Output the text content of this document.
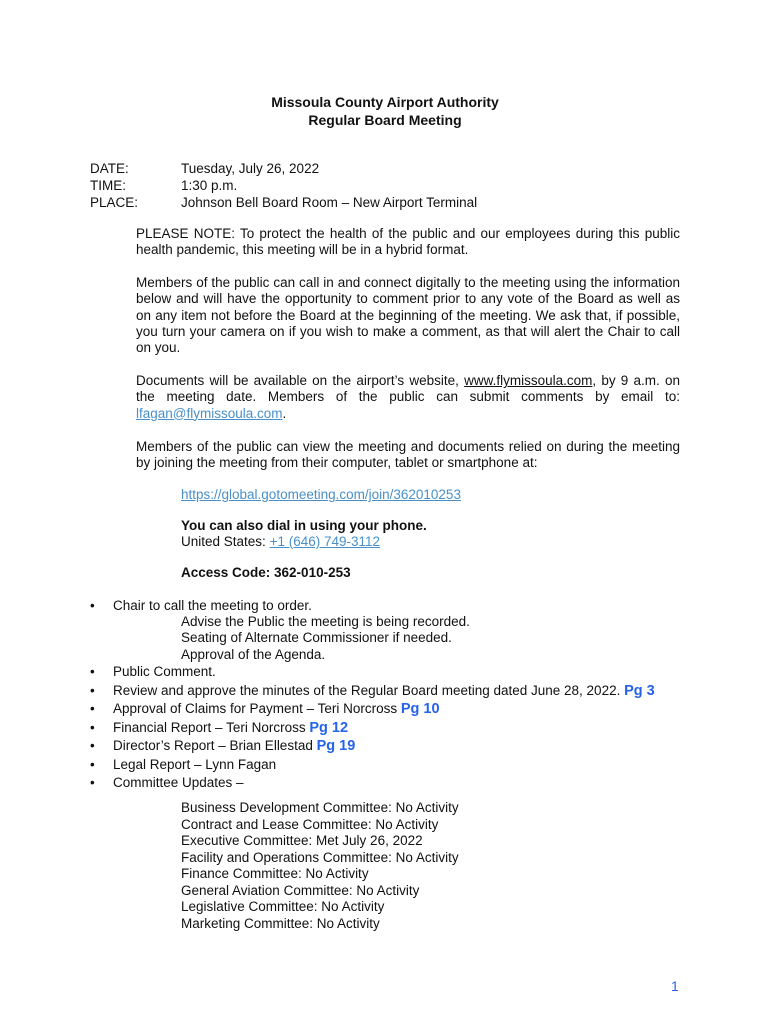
Missoula County Airport Authority
Regular Board Meeting
DATE:	Tuesday, July 26, 2022
TIME:	1:30 p.m.
PLACE:	Johnson Bell Board Room – New Airport Terminal
PLEASE NOTE: To protect the health of the public and our employees during this public health pandemic, this meeting will be in a hybrid format.
Members of the public can call in and connect digitally to the meeting using the information below and will have the opportunity to comment prior to any vote of the Board as well as on any item not before the Board at the beginning of the meeting. We ask that, if possible, you turn your camera on if you wish to make a comment, as that will alert the Chair to call on you.
Documents will be available on the airport’s website, www.flymissoula.com, by 9 a.m. on the meeting date. Members of the public can submit comments by email to: lfagan@flymissoula.com.
Members of the public can view the meeting and documents relied on during the meeting by joining the meeting from their computer, tablet or smartphone at:
https://global.gotomeeting.com/join/362010253
You can also dial in using your phone.
United States: +1 (646) 749-3112
Access Code: 362-010-253
•	Chair to call the meeting to order.
Advise the Public the meeting is being recorded.
Seating of Alternate Commissioner if needed.
Approval of the Agenda.
•	Public Comment.
•	Review and approve the minutes of the Regular Board meeting dated June 28, 2022. Pg 3
•	Approval of Claims for Payment – Teri Norcross Pg 10
•	Financial Report – Teri Norcross Pg 12
•	Director’s Report – Brian Ellestad Pg 19
•	Legal Report – Lynn Fagan
•	Committee Updates –
Business Development Committee: No Activity
Contract and Lease Committee: No Activity
Executive Committee: Met July 26, 2022
Facility and Operations Committee: No Activity
Finance Committee: No Activity
General Aviation Committee: No Activity
Legislative Committee: No Activity
Marketing Committee: No Activity
1
